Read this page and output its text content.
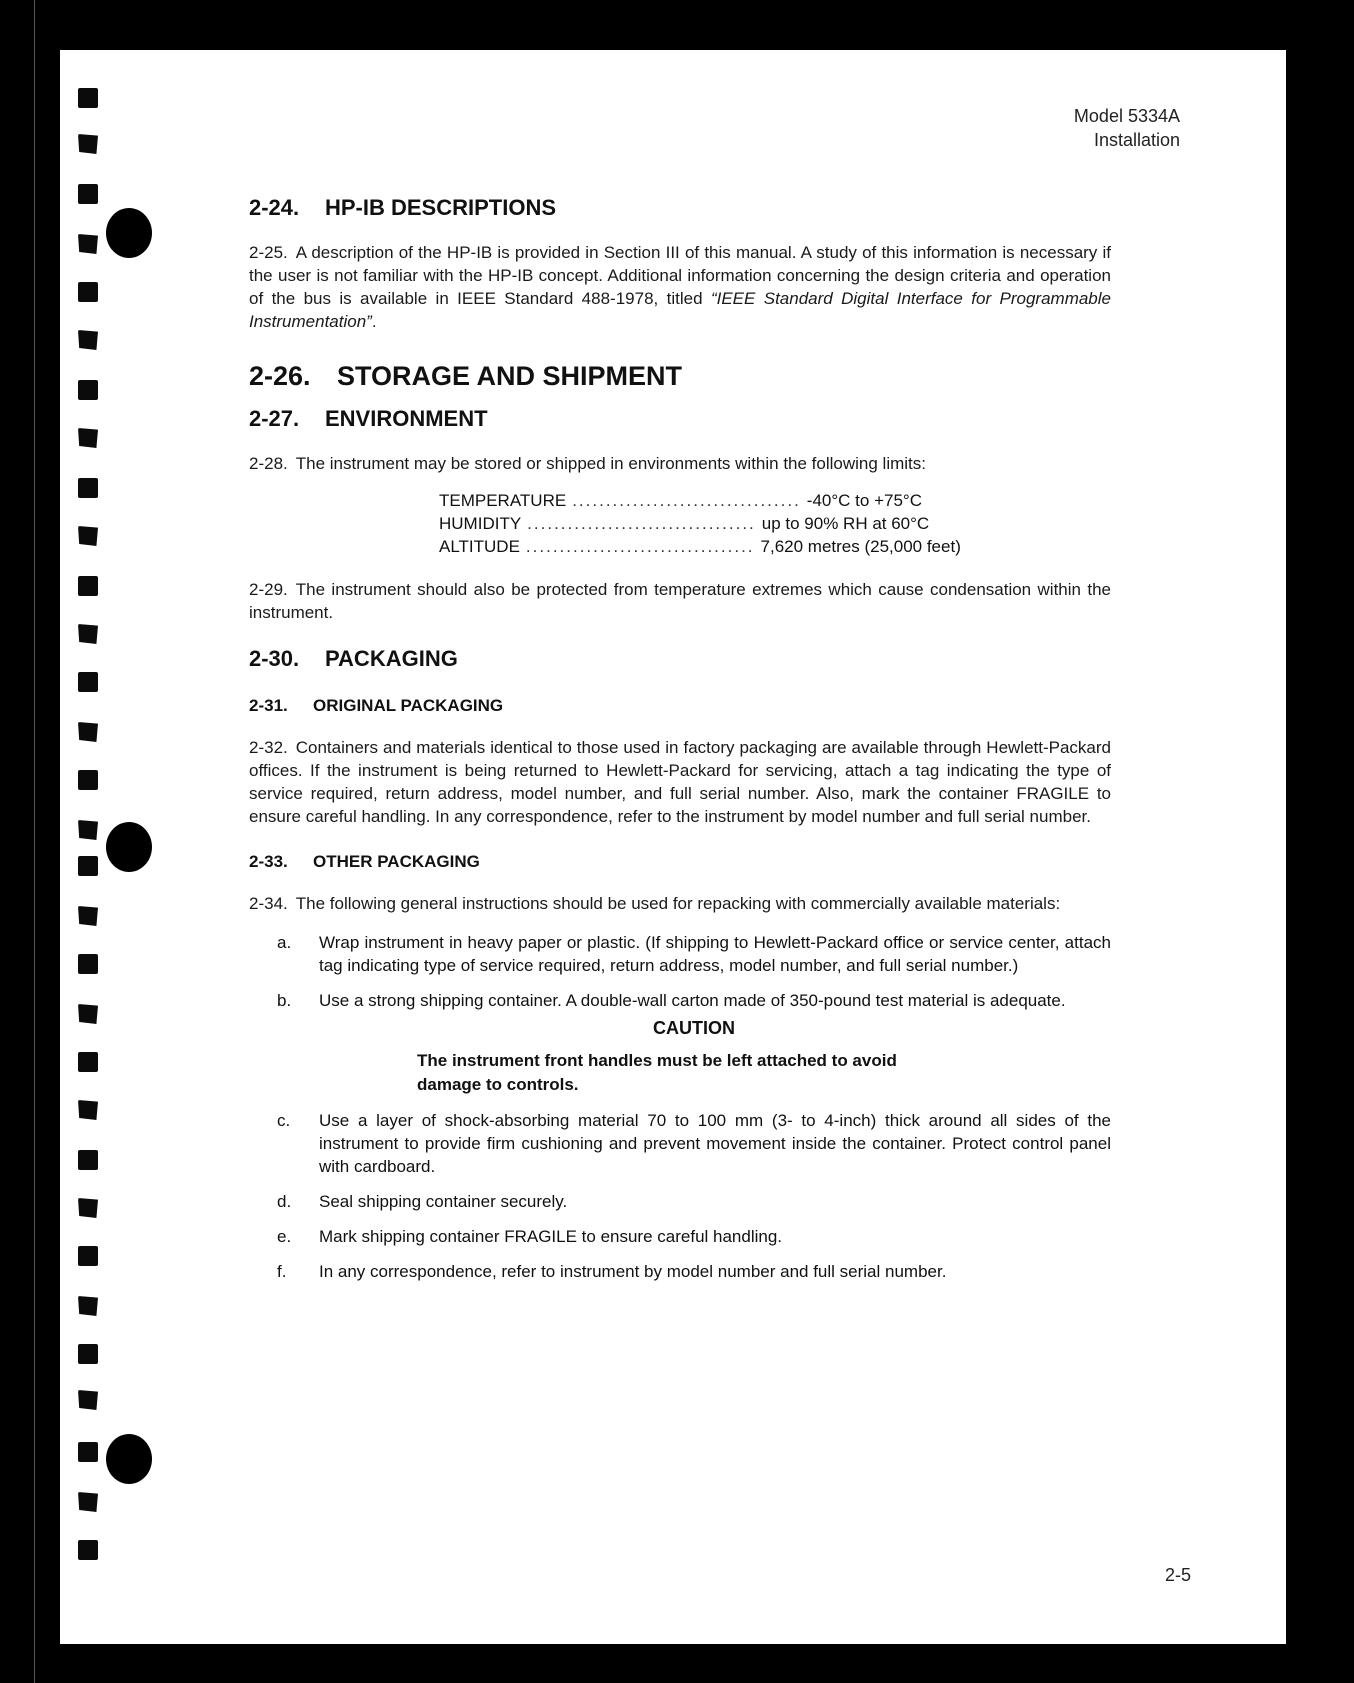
Model 5334A
Installation
2-24. HP-IB DESCRIPTIONS

2-25. A description of the HP-IB is provided in Section III of this manual. A study of this information is necessary if the user is not familiar with the HP-IB concept. Additional information concerning the design criteria and operation of the bus is available in IEEE Standard 488-1978, titled “IEEE Standard Digital Interface for Programmable Instrumentation”.

2-26. STORAGE AND SHIPMENT
2-27. ENVIRONMENT

2-28. The instrument may be stored or shipped in environments within the following limits:

TEMPERATURE .................................. -40°C to +75°C
HUMIDITY .................................. up to 90% RH at 60°C
ALTITUDE .................................. 7,620 metres (25,000 feet)

2-29. The instrument should also be protected from temperature extremes which cause condensation within the instrument.

2-30. PACKAGING
2-31. ORIGINAL PACKAGING

2-32. Containers and materials identical to those used in factory packaging are available through Hewlett-Packard offices. If the instrument is being returned to Hewlett-Packard for servicing, attach a tag indicating the type of service required, return address, model number, and full serial number. Also, mark the container FRAGILE to ensure careful handling. In any correspondence, refer to the instrument by model number and full serial number.

2-33. OTHER PACKAGING

2-34. The following general instructions should be used for repacking with commercially available materials:

a.	Wrap instrument in heavy paper or plastic. (If shipping to Hewlett-Packard office or service center, attach tag indicating type of service required, return address, model number, and full serial number.)
b.	Use a strong shipping container. A double-wall carton made of 350-pound test material is adequate.
CAUTION
The instrument front handles must be left attached to avoid damage to controls.
c.	Use a layer of shock-absorbing material 70 to 100 mm (3- to 4-inch) thick around all sides of the instrument to provide firm cushioning and prevent movement inside the container. Protect control panel with cardboard.
d.	Seal shipping container securely.
e.	Mark shipping container FRAGILE to ensure careful handling.
f.	In any correspondence, refer to instrument by model number and full serial number.
2-5
